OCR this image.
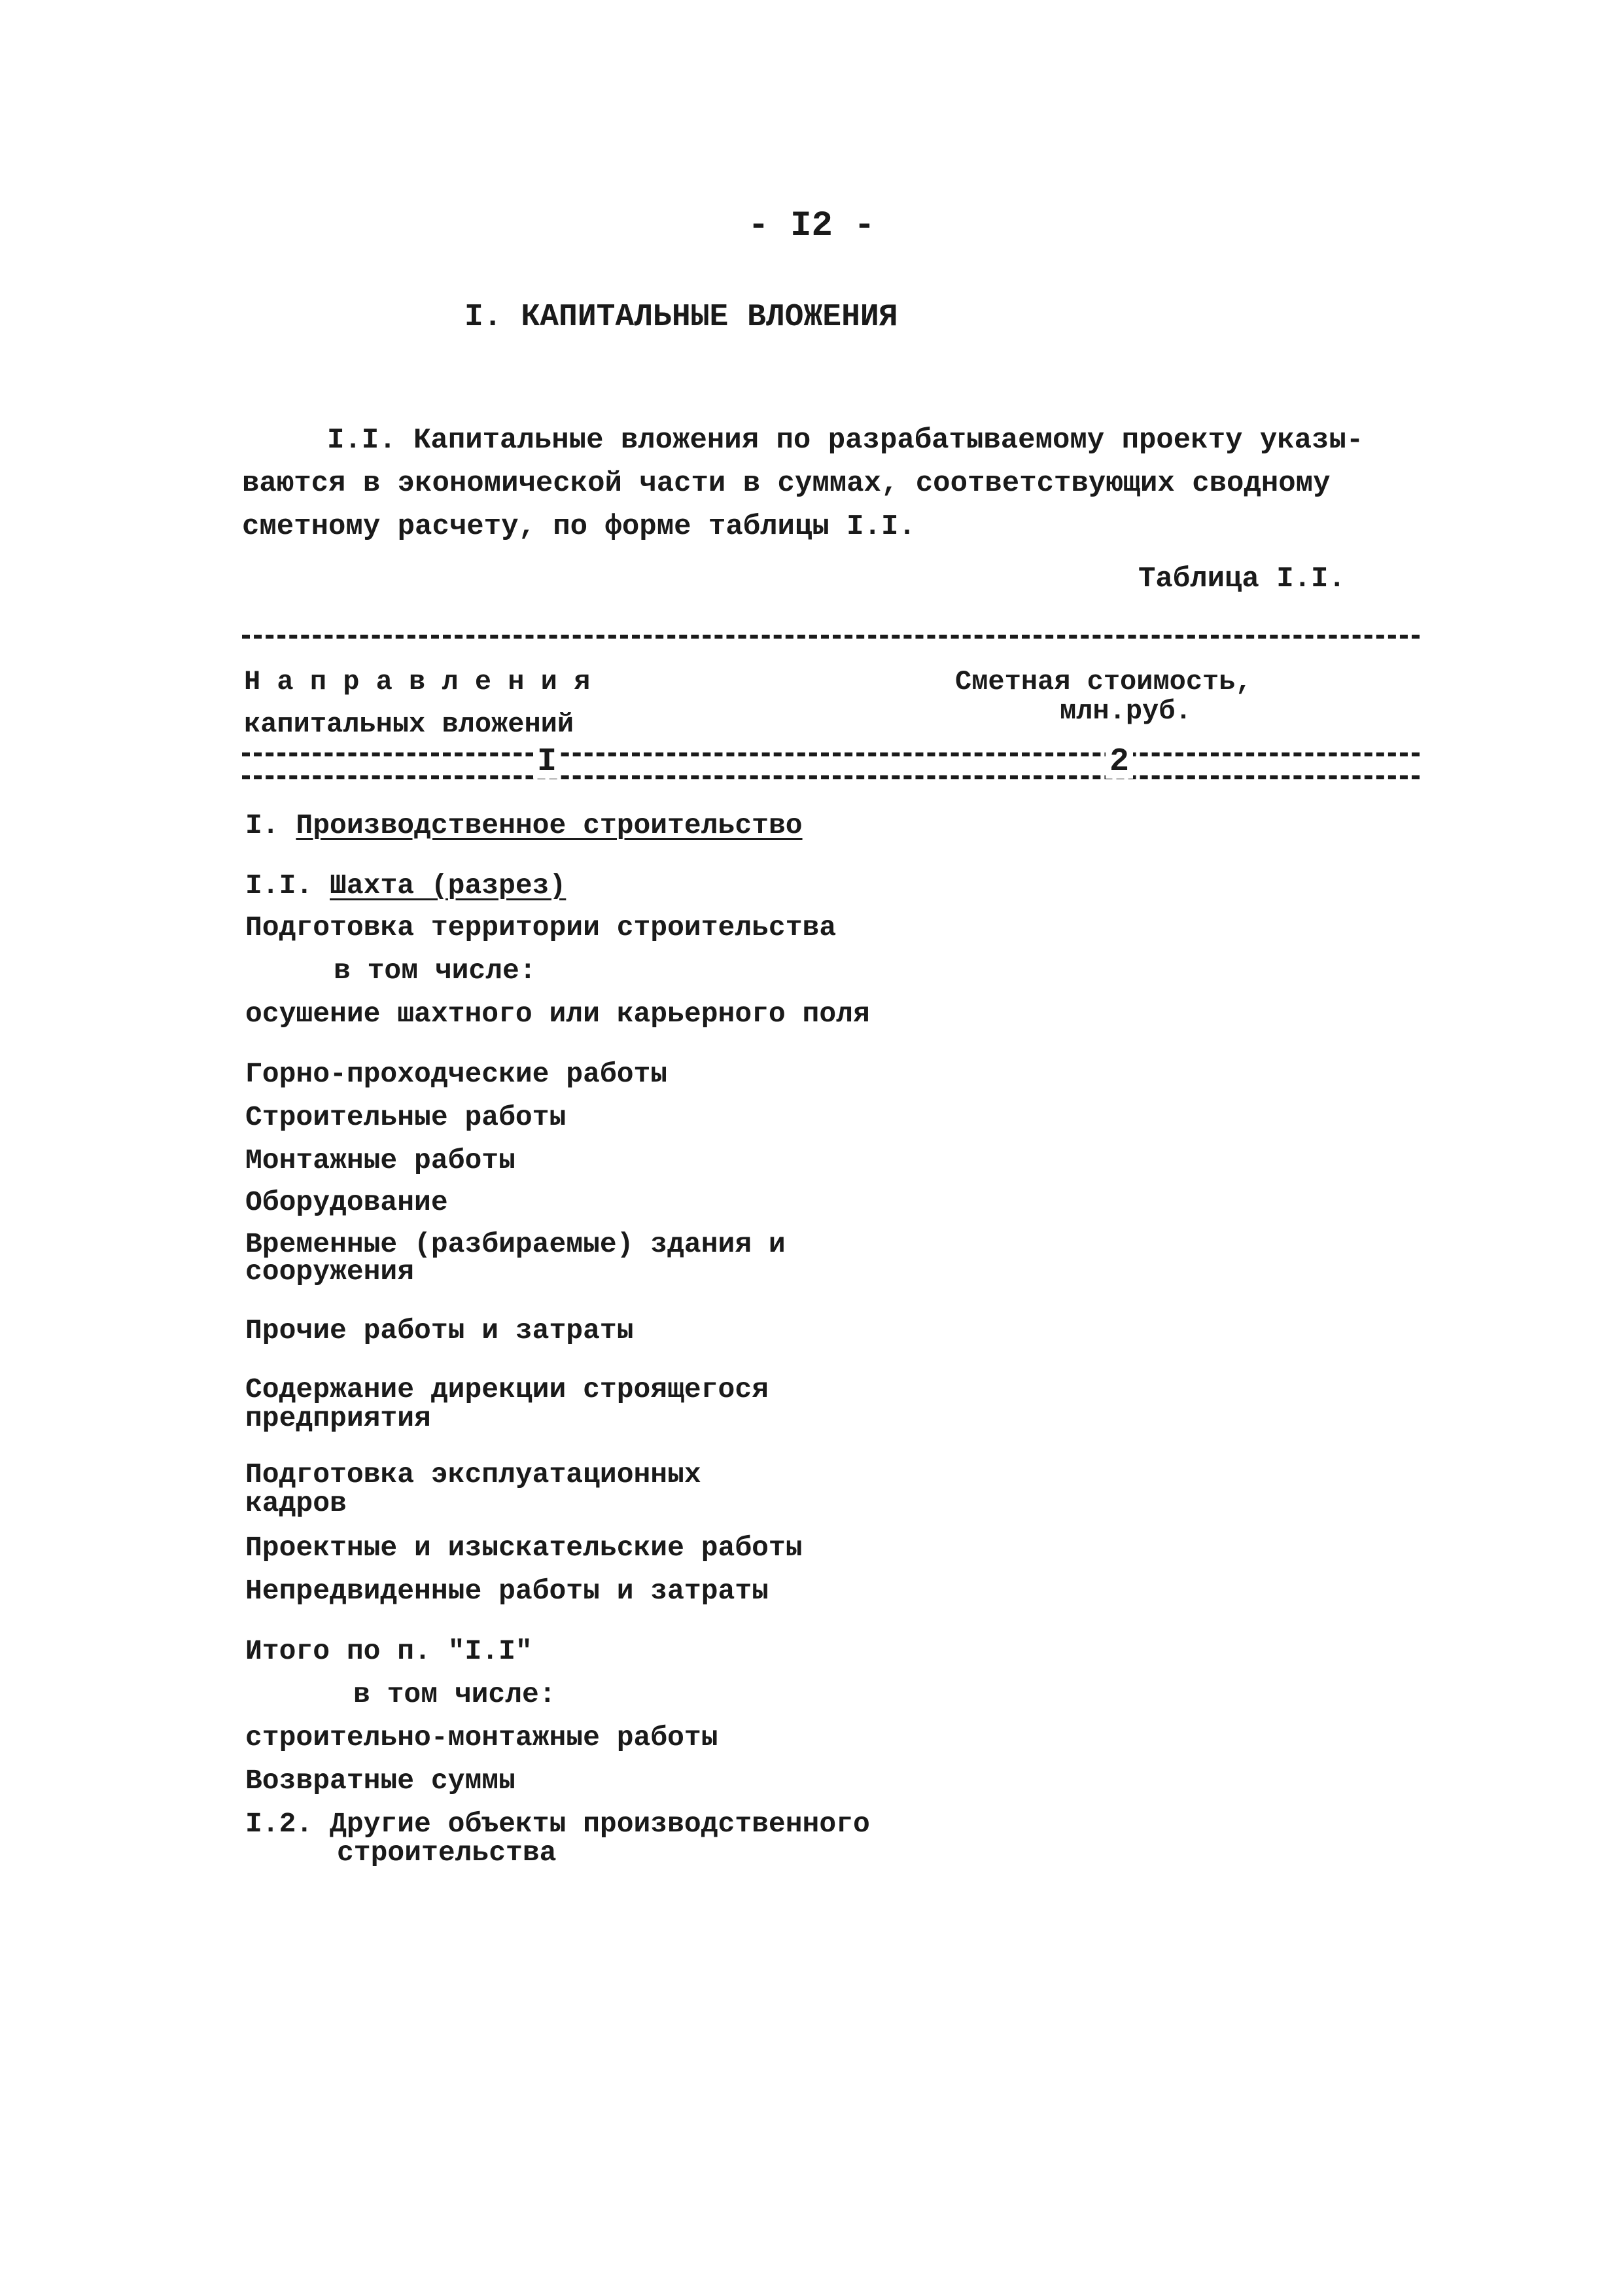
- I2 -
I. КАПИТАЛЬНЫЕ ВЛОЖЕНИЯ
I.I. Капитальные вложения по разрабатываемому проекту указы-
ваются в экономической части в суммах, соответствующих сводному
сметному расчету, по форме таблицы I.I.
Таблица I.I.
Н а п р а в л е н и я
капитальных вложений
Сметная стоимость,
млн.руб.
I	2
I. Производственное строительство
I.I. Шахта (разрез)
Подготовка территории строительства
в том числе:
осушение шахтного или карьерного поля
Горно-проходческие работы
Строительные работы
Монтажные работы
Оборудование
Временные (разбираемые) здания и
сооружения
Прочие работы и затраты
Содержание дирекции строящегося
предприятия
Подготовка эксплуатационных
кадров
Проектные и изыскательские работы
Непредвиденные работы и затраты
Итого по п. "I.I"
в том числе:
строительно-монтажные работы
Возвратные суммы
I.2. Другие объекты производственного
строительства
